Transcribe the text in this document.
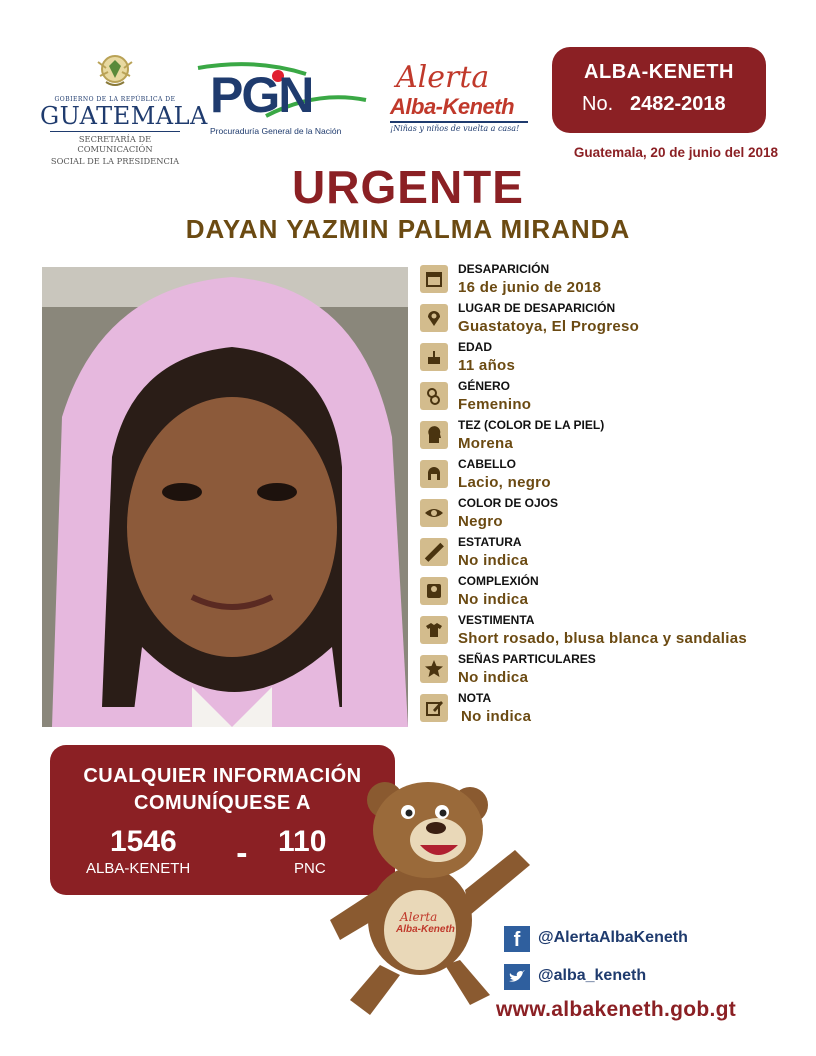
GOBIERNO DE LA REPÚBLICA DE
GUATEMALA
SECRETARÍA DE COMUNICACIÓN
SOCIAL DE LA PRESIDENCIA
PGN
Procuraduría General de la Nación
Alerta
Alba-Keneth
¡Niñas y niños de vuelta a casa!
ALBA-KENETH
No. 2482-2018
Guatemala, 20 de junio del 2018
URGENTE
DAYAN YAZMIN PALMA MIRANDA
DESAPARICIÓN
16 de junio de 2018
LUGAR DE DESAPARICIÓN
Guastatoya, El Progreso
EDAD
11 años
GÉNERO
Femenino
TEZ (COLOR DE LA PIEL)
Morena
CABELLO
Lacio, negro
COLOR DE OJOS
Negro
ESTATURA
No indica
COMPLEXIÓN
No indica
VESTIMENTA
Short rosado, blusa blanca y sandalias
SEÑAS PARTICULARES
No indica
NOTA
No indica
CUALQUIER INFORMACIÓN
COMUNÍQUESE A
1546
ALBA-KENETH - 110
PNC
Alerta
Alba-Keneth	f	@AlertaAlbaKeneth
@alba_keneth
www.albakeneth.gob.gt
